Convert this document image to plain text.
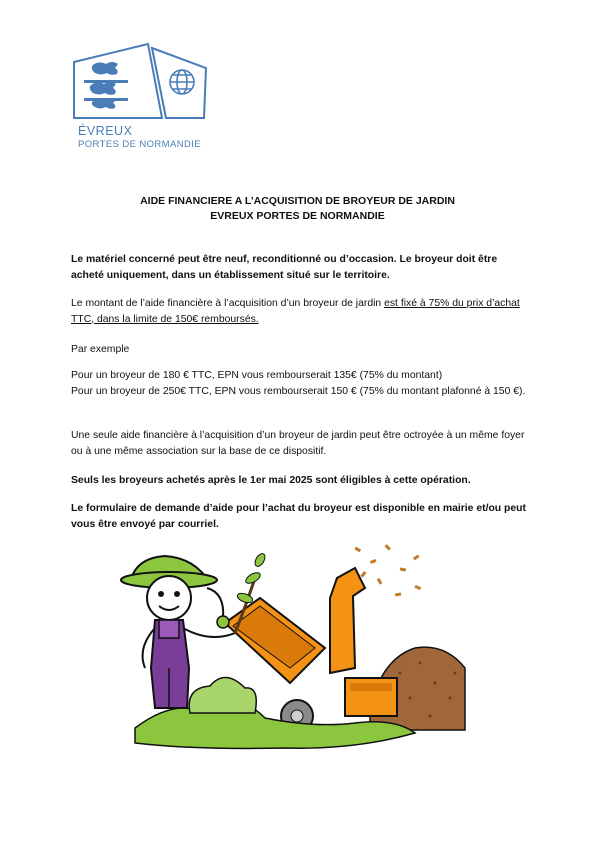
ÉVREUX
PORTES DE NORMANDIE
AIDE FINANCIERE A L’ACQUISITION DE BROYEUR DE JARDIN
EVREUX PORTES DE NORMANDIE
Le matériel concerné peut être neuf, reconditionné ou d’occasion. Le broyeur doit être acheté uniquement, dans un établissement situé sur le territoire.
Le montant de l’aide financière à l’acquisition d’un broyeur de jardin est fixé à 75% du prix d’achat TTC, dans la limite de 150€ remboursés.
Par exemple
Pour un broyeur de 180 € TTC, EPN vous rembourserait 135€ (75% du montant)
Pour un broyeur de 250€ TTC, EPN vous rembourserait 150 € (75% du montant plafonné à 150 €).
Une seule aide financière à l’acquisition d’un broyeur de jardin peut être octroyée à un même foyer ou à une même association sur la base de ce dispositif.
Seuls les broyeurs achetés après le 1er mai 2025 sont éligibles à cette opération.
Le formulaire de demande d’aide pour l’achat du broyeur est disponible en mairie et/ou peut vous être envoyé par courriel.
